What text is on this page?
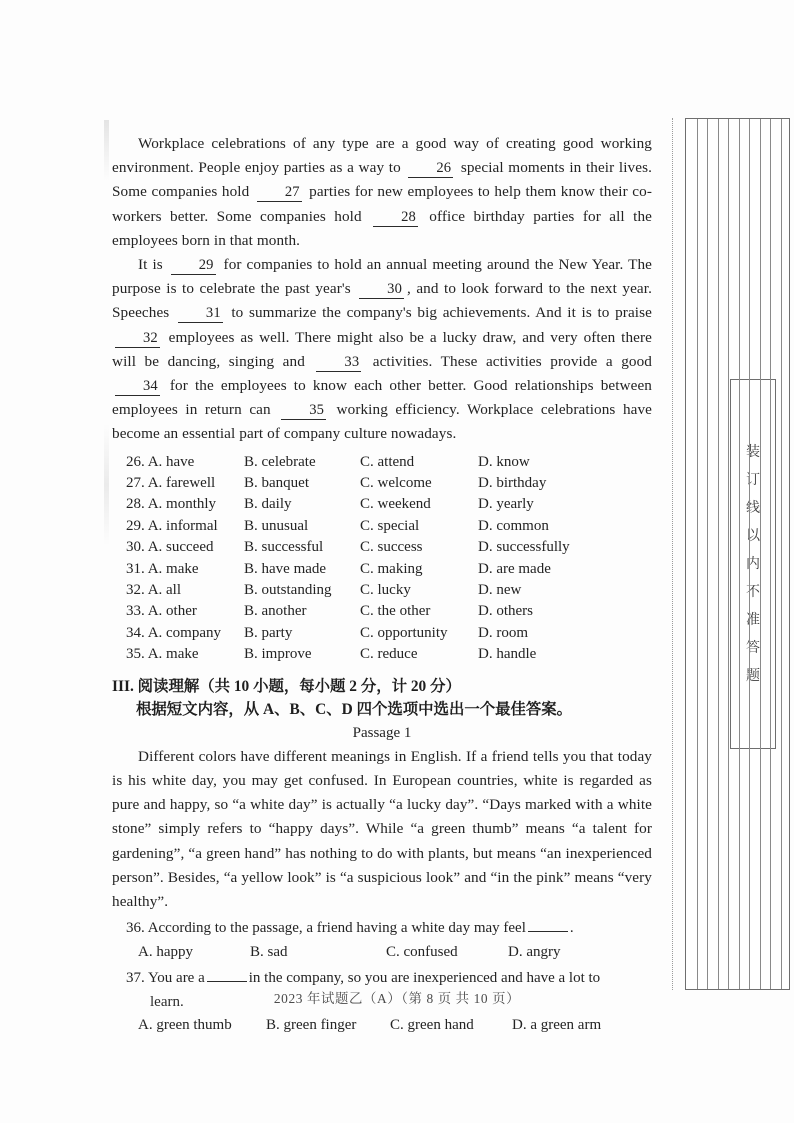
Workplace celebrations of any type are a good way of creating good working environment. People enjoy parties as a way to 26 special moments in their lives. Some companies hold 27 parties for new employees to help them know their co-workers better. Some companies hold 28 office birthday parties for all the employees born in that month.

It is 29 for companies to hold an annual meeting around the New Year. The purpose is to celebrate the past year's 30 , and to look forward to the next year. Speeches 31 to summarize the company's big achievements. And it is to praise 32 employees as well. There might also be a lucky draw, and very often there will be dancing, singing and 33 activities. These activities provide a good 34 for the employees to know each other better. Good relationships between employees in return can 35 working efficiency. Workplace celebrations have become an essential part of company culture nowadays.

26. A. have	B. celebrate	C. attend	D. know
27. A. farewell	B. banquet	C. welcome	D. birthday
28. A. monthly	B. daily	C. weekend	D. yearly
29. A. informal	B. unusual	C. special	D. common
30. A. succeed	B. successful	C. success	D. successfully
31. A. make	B. have made	C. making	D. are made
32. A. all	B. outstanding	C. lucky	D. new
33. A. other	B. another	C. the other	D. others
34. A. company	B. party	C. opportunity	D. room
35. A. make	B. improve	C. reduce	D. handle
III. 阅读理解（共 10 小题，每小题 2 分，计 20 分）
根据短文内容，从 A、B、C、D 四个选项中选出一个最佳答案。
Passage 1

Different colors have different meanings in English. If a friend tells you that today is his white day, you may get confused. In European countries, white is regarded as pure and happy, so “a white day” is actually “a lucky day”. “Days marked with a white stone” simply refers to “happy days”. While “a green thumb” means “a talent for gardening”, “a green hand” has nothing to do with plants, but means “an inexperienced person”. Besides, “a yellow look” is “a suspicious look” and “in the pink” means “very healthy”.

36. According to the passage, a friend having a white day may feel	.
A. happy	B. sad	C. confused	D. angry
37. You are a	in the company, so you are inexperienced and have a lot to
learn.
A. green thumb	B. green finger	C. green hand	D. a green arm
2023 年试题乙（A）（第 8 页 共 10 页）
装
订
线
以
内
不
准
答
题
